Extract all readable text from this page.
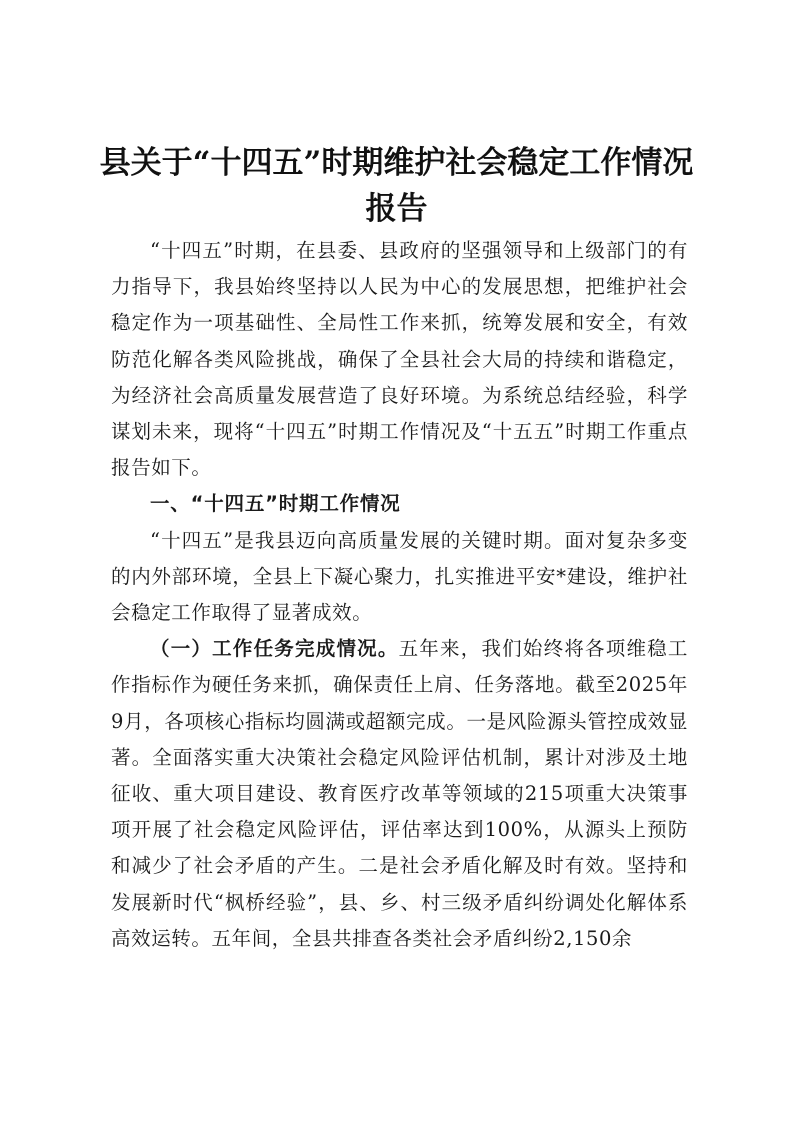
县关于“十四五”时期维护社会稳定工作情况报告

“十四五”时期，在县委、县政府的坚强领导和上级部门的有力指导下，我县始终坚持以人民为中心的发展思想，把维护社会稳定作为一项基础性、全局性工作来抓，统筹发展和安全，有效防范化解各类风险挑战，确保了全县社会大局的持续和谐稳定，为经济社会高质量发展营造了良好环境。为系统总结经验，科学谋划未来，现将“十四五”时期工作情况及“十五五”时期工作重点报告如下。

一、“十四五”时期工作情况

“十四五”是我县迈向高质量发展的关键时期。面对复杂多变的内外部环境，全县上下凝心聚力，扎实推进平安*建设，维护社会稳定工作取得了显著成效。

（一）工作任务完成情况。五年来，我们始终将各项维稳工作指标作为硬任务来抓，确保责任上肩、任务落地。截至2025年9月，各项核心指标均圆满或超额完成。一是风险源头管控成效显著。全面落实重大决策社会稳定风险评估机制，累计对涉及土地征收、重大项目建设、教育医疗改革等领域的215项重大决策事项开展了社会稳定风险评估，评估率达到100%，从源头上预防和减少了社会矛盾的产生。二是社会矛盾化解及时有效。坚持和发展新时代“枫桥经验”，县、乡、村三级矛盾纠纷调处化解体系高效运转。五年间，全县共排查各类社会矛盾纠纷2,150余
